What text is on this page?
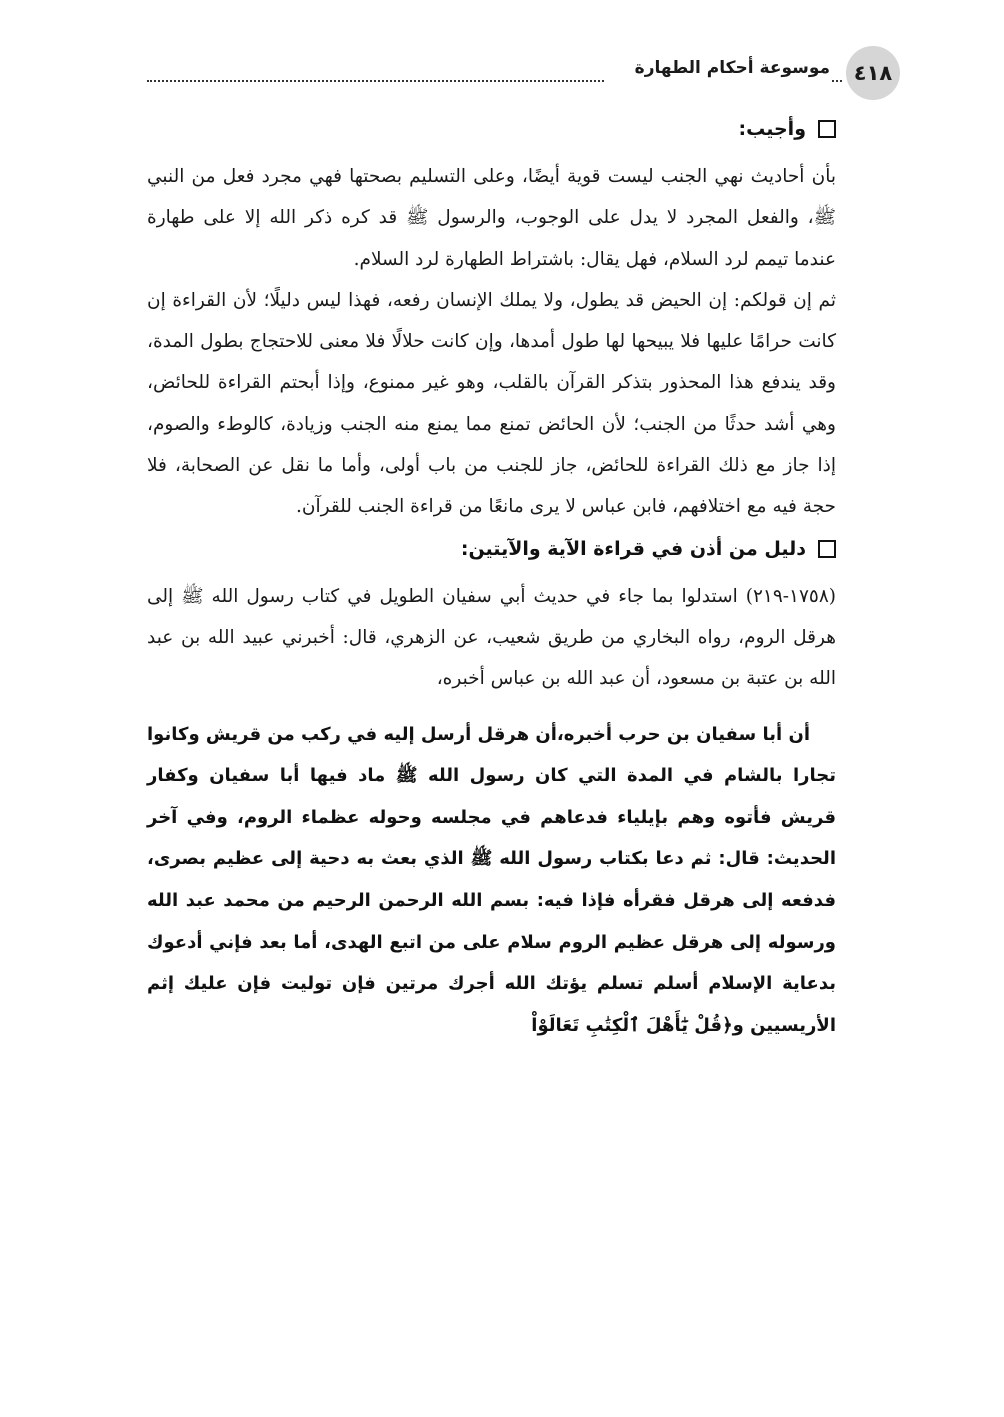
٤١٨
موسوعة أحكام الطهارة
وأجيب:

بأن أحاديث نهي الجنب ليست قوية أيضًا، وعلى التسليم بصحتها فهي مجرد فعل من النبي ﷺ، والفعل المجرد لا يدل على الوجوب، والرسول ﷺ قد كره ذكر الله إلا على طهارة عندما تيمم لرد السلام، فهل يقال: باشتراط الطهارة لرد السلام.
ثم إن قولكم: إن الحيض قد يطول، ولا يملك الإنسان رفعه، فهذا ليس دليلًا؛ لأن القراءة إن كانت حرامًا عليها فلا يبيحها لها طول أمدها، وإن كانت حلالًا فلا معنى للاحتجاج بطول المدة، وقد يندفع هذا المحذور بتذكر القرآن بالقلب، وهو غير ممنوع، وإذا أبحتم القراءة للحائض، وهي أشد حدثًا من الجنب؛ لأن الحائض تمنع مما يمنع منه الجنب وزيادة، كالوطء والصوم، إذا جاز مع ذلك القراءة للحائض، جاز للجنب من باب أولى، وأما ما نقل عن الصحابة، فلا حجة فيه مع اختلافهم، فابن عباس لا يرى مانعًا من قراءة الجنب للقرآن.

دليل من أذن في قراءة الآية والآيتين:

(١٧٥٨-٢١٩) استدلوا بما جاء في حديث أبي سفيان الطويل في كتاب رسول الله ﷺ إلى هرقل الروم، رواه البخاري من طريق شعيب، عن الزهري، قال: أخبرني عبيد الله بن عبد الله بن عتبة بن مسعود، أن عبد الله بن عباس أخبره،

أن أبا سفيان بن حرب أخبره،أن هرقل أرسل إليه في ركب من قريش وكانوا تجارا بالشام في المدة التي كان رسول الله ﷺ ماد فيها أبا سفيان وكفار قريش فأتوه وهم بإيلياء فدعاهم في مجلسه وحوله عظماء الروم، وفي آخر الحديث: قال: ثم دعا بكتاب رسول الله ﷺ الذي بعث به دحية إلى عظيم بصرى، فدفعه إلى هرقل فقرأه فإذا فيه: بسم الله الرحمن الرحيم من محمد عبد الله ورسوله إلى هرقل عظيم الروم سلام على من اتبع الهدى، أما بعد فإني أدعوك بدعاية الإسلام أسلم تسلم يؤتك الله أجرك مرتين فإن توليت فإن عليك إثم الأريسيين و﴿قُلْ يَٰٓأَهْلَ ٱلْكِتَٰبِ تَعَالَوْاْ
